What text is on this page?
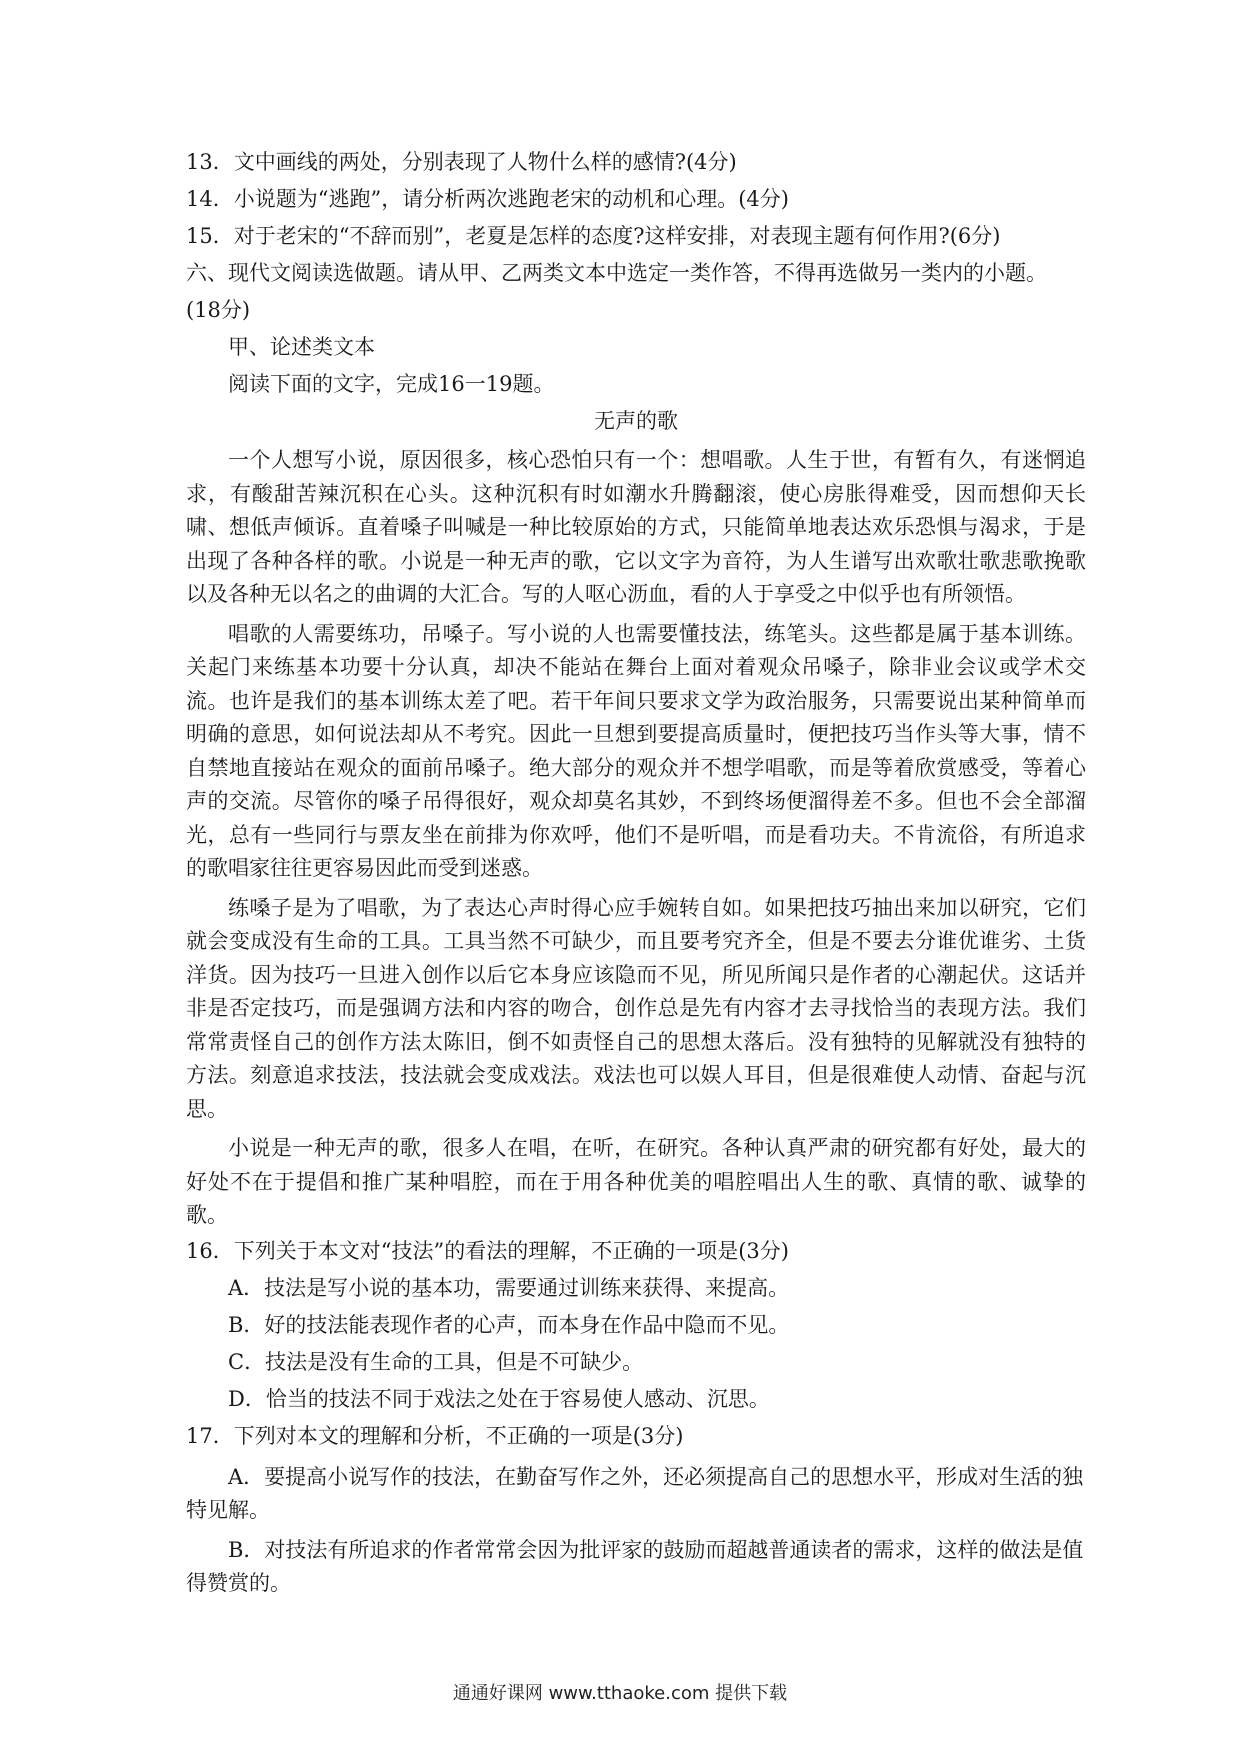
13．文中画线的两处，分别表现了人物什么样的感情?(4分)
14．小说题为“逃跑”，请分析两次逃跑老宋的动机和心理。(4分)
15．对于老宋的“不辞而别”，老夏是怎样的态度?这样安排，对表现主题有何作用?(6分)
六、现代文阅读选做题。请从甲、乙两类文本中选定一类作答，不得再选做另一类内的小题。
(18分)
甲、论述类文本
阅读下面的文字，完成16一19题。
无声的歌

一个人想写小说，原因很多，核心恐怕只有一个：想唱歌。人生于世，有暂有久，有迷惘追求，有酸甜苦辣沉积在心头。这种沉积有时如潮水升腾翻滚，使心房胀得难受，因而想仰天长啸、想低声倾诉。直着嗓子叫喊是一种比较原始的方式，只能简单地表达欢乐恐惧与渴求，于是出现了各种各样的歌。小说是一种无声的歌，它以文字为音符，为人生谱写出欢歌壮歌悲歌挽歌以及各种无以名之的曲调的大汇合。写的人呕心沥血，看的人于享受之中似乎也有所领悟。

唱歌的人需要练功，吊嗓子。写小说的人也需要懂技法，练笔头。这些都是属于基本训练。关起门来练基本功要十分认真，却决不能站在舞台上面对着观众吊嗓子，除非业会议或学术交流。也许是我们的基本训练太差了吧。若干年间只要求文学为政治服务，只需要说出某种简单而明确的意思，如何说法却从不考究。因此一旦想到要提高质量时，便把技巧当作头等大事，情不自禁地直接站在观众的面前吊嗓子。绝大部分的观众并不想学唱歌，而是等着欣赏感受，等着心声的交流。尽管你的嗓子吊得很好，观众却莫名其妙，不到终场便溜得差不多。但也不会全部溜光，总有一些同行与票友坐在前排为你欢呼，他们不是听唱，而是看功夫。不肯流俗，有所追求的歌唱家往往更容易因此而受到迷惑。

练嗓子是为了唱歌，为了表达心声时得心应手婉转自如。如果把技巧抽出来加以研究，它们就会变成没有生命的工具。工具当然不可缺少，而且要考究齐全，但是不要去分谁优谁劣、土货洋货。因为技巧一旦进入创作以后它本身应该隐而不见，所见所闻只是作者的心潮起伏。这话并非是否定技巧，而是强调方法和内容的吻合，创作总是先有内容才去寻找恰当的表现方法。我们常常责怪自己的创作方法太陈旧，倒不如责怪自己的思想太落后。没有独特的见解就没有独特的方法。刻意追求技法，技法就会变成戏法。戏法也可以娱人耳目，但是很难使人动情、奋起与沉思。

小说是一种无声的歌，很多人在唱，在听，在研究。各种认真严肃的研究都有好处，最大的好处不在于提倡和推广某种唱腔，而在于用各种优美的唱腔唱出人生的歌、真情的歌、诚挚的歌。

16．下列关于本文对“技法”的看法的理解，不正确的一项是(3分)
A．技法是写小说的基本功，需要通过训练来获得、来提高。
B．好的技法能表现作者的心声，而本身在作品中隐而不见。
C．技法是没有生命的工具，但是不可缺少。
D．恰当的技法不同于戏法之处在于容易使人感动、沉思。
17．下列对本文的理解和分析，不正确的一项是(3分)

A．要提高小说写作的技法，在勤奋写作之外，还必须提高自己的思想水平，形成对生活的独特见解。

B．对技法有所追求的作者常常会因为批评家的鼓励而超越普通读者的需求，这样的做法是值得赞赏的。

通通好课网 www.tthaoke.com 提供下载
